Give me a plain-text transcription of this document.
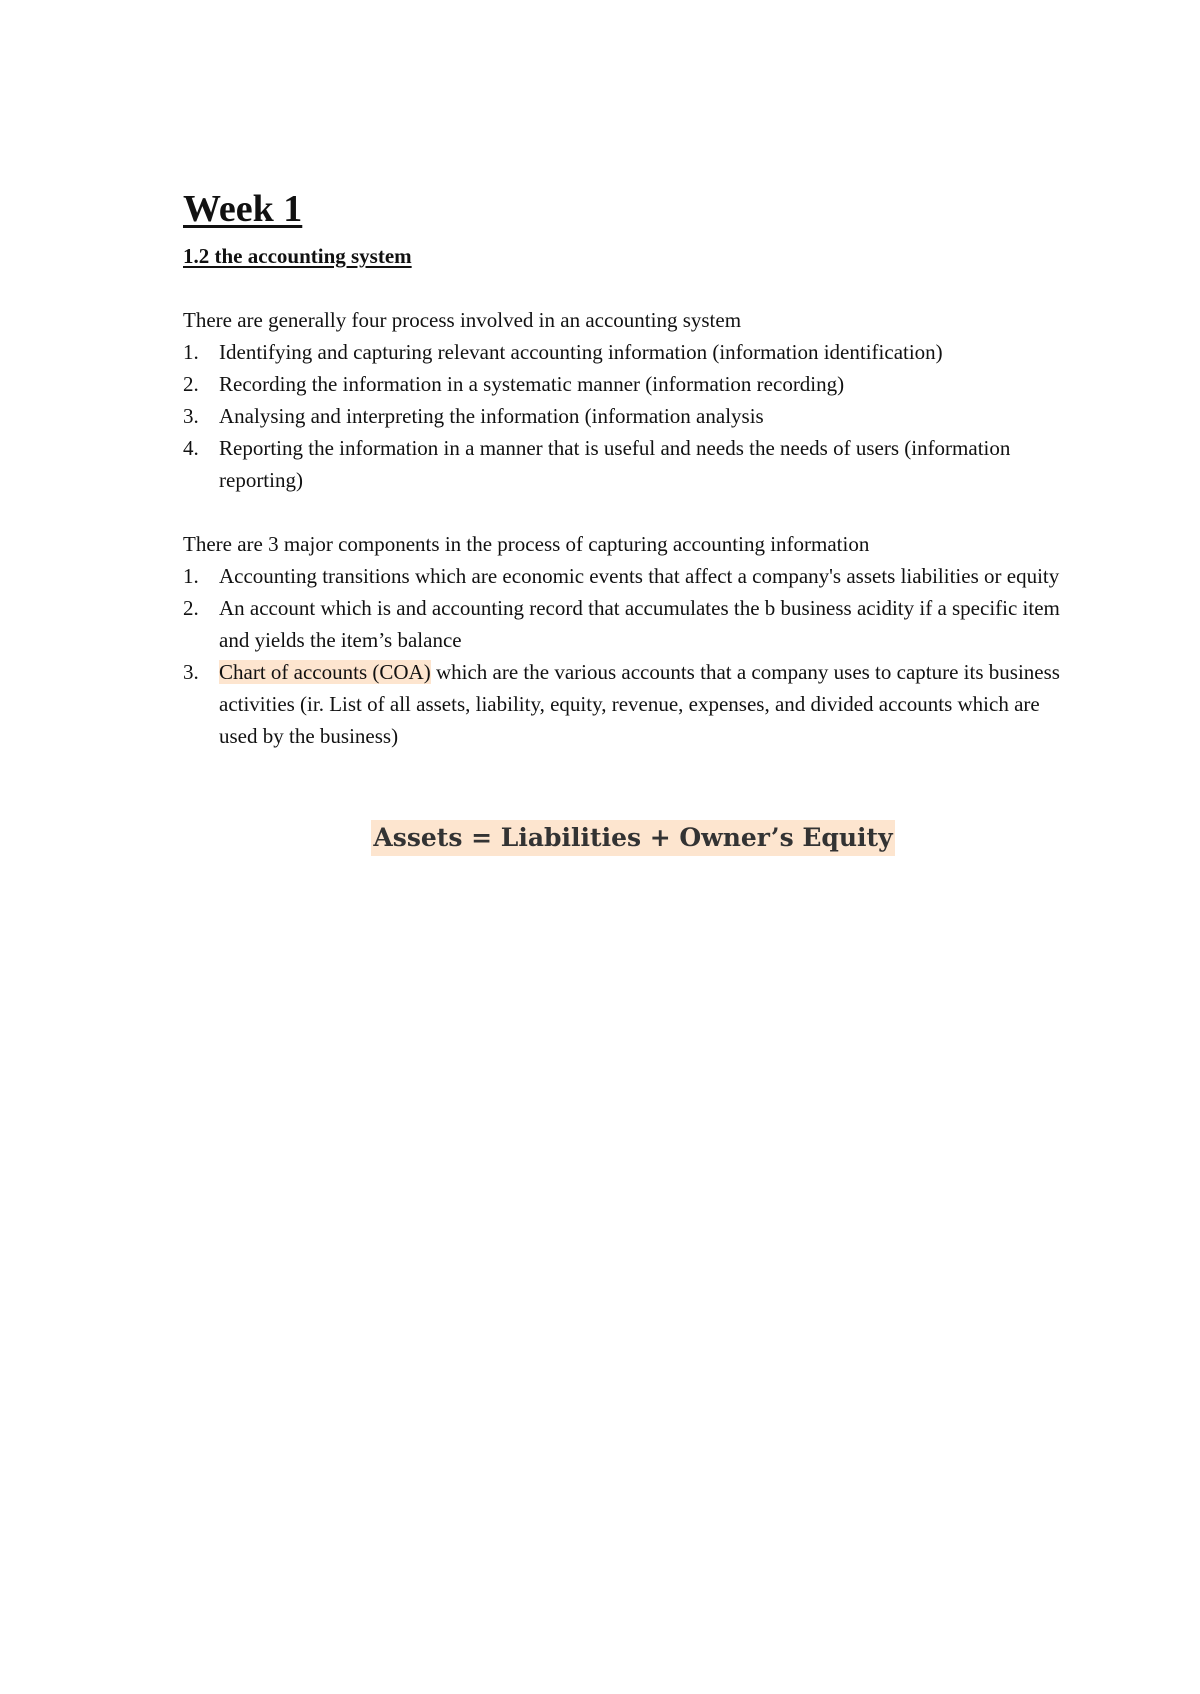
Week 1
1.2 the accounting system

There are generally four process involved in an accounting system

1. Identifying and capturing relevant accounting information (information identification)
2. Recording the information in a systematic manner (information recording)
3. Analysing and interpreting the information (information analysis
4. Reporting the information in a manner that is useful and needs the needs of users (information reporting)

There are 3 major components in the process of capturing accounting information

1. Accounting transitions which are economic events that affect a company's assets liabilities or equity
2. An account which is and accounting record that accumulates the b business acidity if a specific item and yields the item’s balance
3. Chart of accounts (COA) which are the various accounts that a company uses to capture its business activities (ir. List of all assets, liability, equity, revenue, expenses, and divided accounts which are used by the business)
Assets = Liabilities + Owner’s Equity
